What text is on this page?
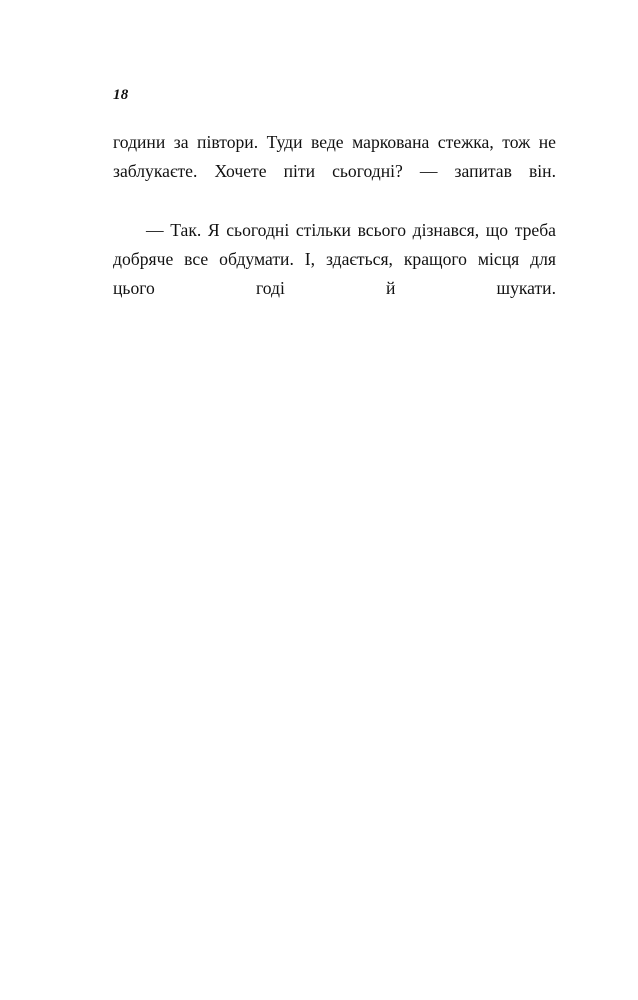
18

години за півтори. Туди веде маркована стежка, тож не заблукаєте. Хочете піти сьогодні? — запитав він.

— Так. Я сьогодні стільки всього дізнався, що треба добряче все обдумати. І, здається, кращого місця для цього годі й шукати.
